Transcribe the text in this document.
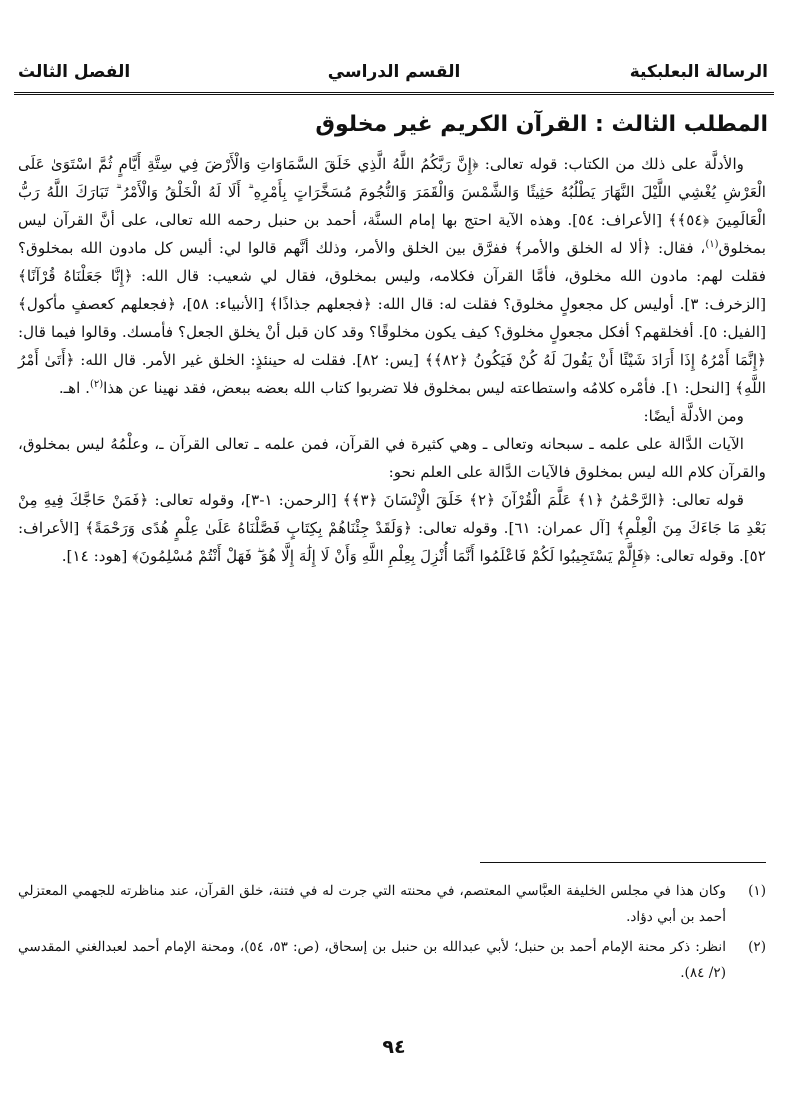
الرسالة البعلبكية
القسم الدراسي
الفصل الثالث
المطلب الثالث : القرآن الكريم غير مخلوق

والأدلَّة على ذلك من الكتاب: قوله تعالى: ﴿إِنَّ رَبَّكُمُ اللَّهُ الَّذِي خَلَقَ السَّمَاوَاتِ وَالْأَرْضَ فِي سِتَّةِ أَيَّامٍ ثُمَّ اسْتَوَىٰ عَلَى الْعَرْشِ يُغْشِي اللَّيْلَ النَّهَارَ يَطْلُبُهُ حَثِيثًا وَالشَّمْسَ وَالْقَمَرَ وَالنُّجُومَ مُسَخَّرَاتٍ بِأَمْرِهِ ۗ أَلَا لَهُ الْخَلْقُ وَالْأَمْرُ ۗ تَبَارَكَ اللَّهُ رَبُّ الْعَالَمِينَ ﴿٥٤﴾﴾ [الأعراف: ٥٤]. وهذه الآية احتج بها إمام السنَّة، أحمد بن حنبل رحمه الله تعالى، على أنَّ القرآن ليس بمخلوق$^{(١)}$، فقال: ﴿ألا له الخلق والأمر﴾ ففرَّق بين الخلق والأمر، وذلك أنَّهم قالوا لي: أليس كل مادون الله بمخلوق؟ فقلت لهم: مادون الله مخلوق، فأمَّا القرآن فكلامه، وليس بمخلوق، فقال لي شعيب: قال الله: ﴿إِنَّا جَعَلْنَاهُ قُرْآنًا﴾ [الزخرف: ٣]. أوليس كل مجعولٍ مخلوق؟ فقلت له: قال الله: ﴿فجعلهم جذاذًا﴾ [الأنبياء: ٥٨]، ﴿فجعلهم كعصفٍ مأكول﴾ [الفيل: ٥]. أفخلقهم؟ أفكل مجعولٍ مخلوق؟ كيف يكون مخلوقًا؟ وقد كان قبل أنْ يخلق الجعل؟ فأمسك. وقالوا فيما قال: ﴿إِنَّمَا أَمْرُهُ إِذَا أَرَادَ شَيْئًا أَنْ يَقُولَ لَهُ كُنْ فَيَكُونُ ﴿٨٢﴾﴾ [يس: ٨٢]. فقلت له حينئذٍ: الخلق غير الأمر. قال الله: ﴿أَتَىٰ أَمْرُ اللَّهِ﴾ [النحل: ١]. فأمْره كلامُه واستطاعته ليس بمخلوق فلا تضربوا كتاب الله بعضه ببعض، فقد نهينا عن هذا$^{(٢)}$. اهـ.

ومن الأدلَّة أيضًا:

الآيات الدَّالة على علمه ـ سبحانه وتعالى ـ وهي كثيرة في القرآن، فمن علمه ـ تعالى القرآن ـ، وعلْمُهُ ليس بمخلوق، والقرآن كلام الله ليس بمخلوق فالآيات الدَّالة على العلم نحو:

قوله تعالى: ﴿الرَّحْمَٰنُ ﴿١﴾ عَلَّمَ الْقُرْآنَ ﴿٢﴾ خَلَقَ الْإِنْسَانَ ﴿٣﴾﴾ [الرحمن: ١-٣]، وقوله تعالى: ﴿فَمَنْ حَاجَّكَ فِيهِ مِنْ بَعْدِ مَا جَاءَكَ مِنَ الْعِلْمِ﴾ [آل عمران: ٦١]. وقوله تعالى: ﴿وَلَقَدْ جِئْنَاهُمْ بِكِتَابٍ فَصَّلْنَاهُ عَلَىٰ عِلْمٍ هُدًى وَرَحْمَةً﴾ [الأعراف: ٥٢]. وقوله تعالى: ﴿فَإِلَّمْ يَسْتَجِيبُوا لَكُمْ فَاعْلَمُوا أَنَّمَا أُنْزِلَ بِعِلْمِ اللَّهِ وَأَنْ لَا إِلَٰهَ إِلَّا هُوَ ۖ فَهَلْ أَنْتُمْ مُسْلِمُونَ﴾ [هود: ١٤].

(١)
وكان هذا في مجلس الخليفة العبَّاسي المعتصم، في محنته التي جرت له في فتنة، خلق القرآن، عند مناظرته للجهمي المعتزلي أحمد بن أبي دؤاد.
(٢)
انظر: ذكر محنة الإمام أحمد بن حنبل؛ لأبي عبدالله بن حنبل بن إسحاق، (ص: ٥٣، ٥٤)، ومحنة الإمام أحمد لعبدالغني المقدسي (٢/ ٨٤).
٩٤
